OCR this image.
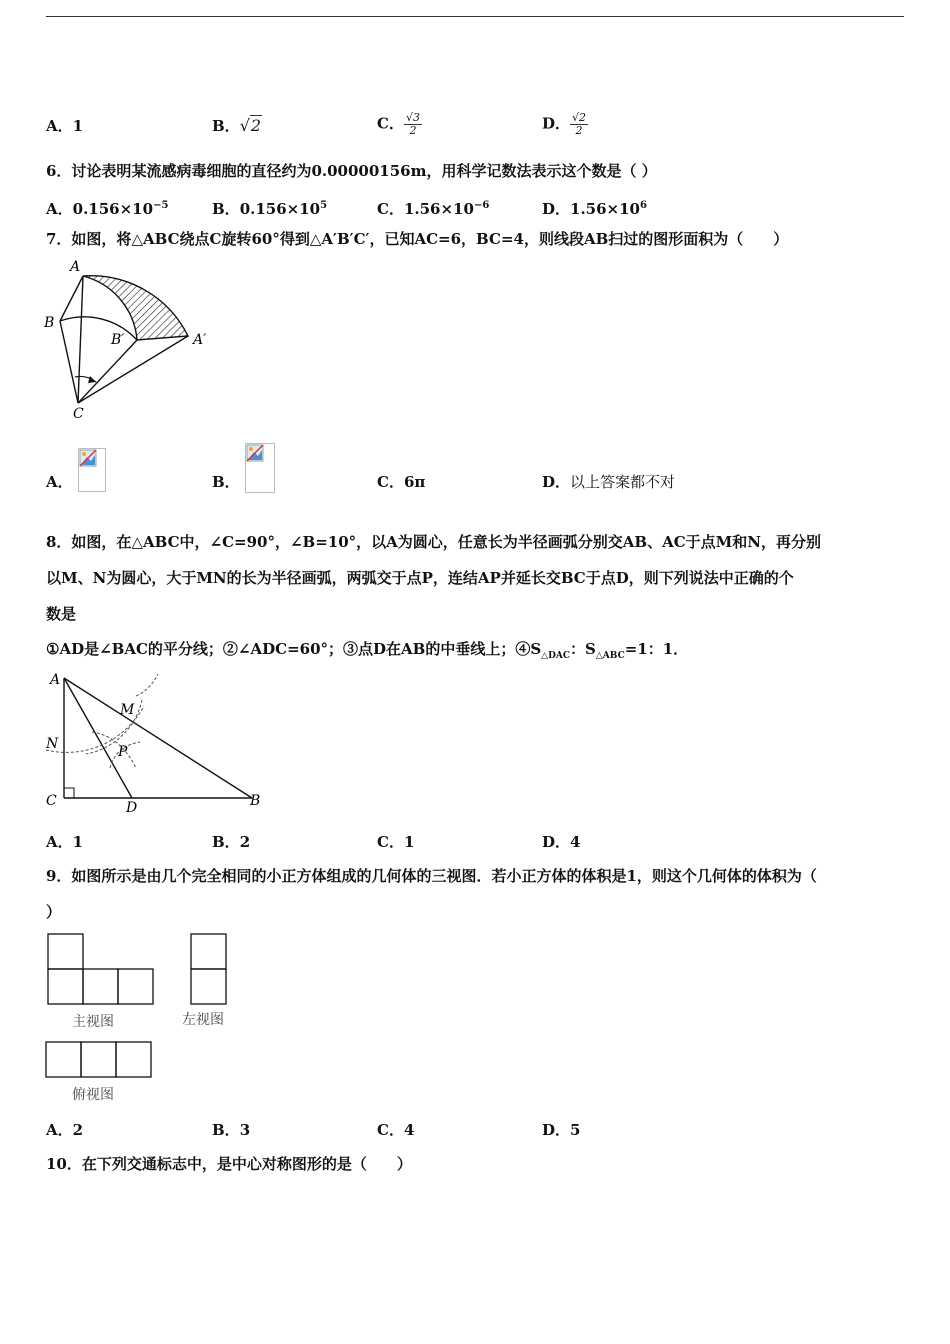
A．1	B．√2	C． $\frac{√3}{2}$	D． $\frac{√2}{2}$
6．讨论表明某流感病毒细胞的直径约为0.00000156m，用科学记数法表示这个数是（ ）
A．$0.156\times 10^{-5}$	B．$0.156\times 10^5$	C．$1.56\times 10^{-6}$	D．$1.56\times 10^6$
7．如图，将△ABC绕点C旋转60°得到△A′B′C′，已知AC=6，BC=4，则线段AB扫过的图形面积为（　　）
A
B
B′	A′
C
A．	B．	C．6π	D．以上答案都不对
8．如图，在△ABC中，∠C=90°，∠B=10°，以A为圆心，任意长为半径画弧分别交AB、AC于点M和N，再分别
以M、N为圆心，大于MN的长为半径画弧，两弧交于点P，连结AP并延长交BC于点D，则下列说法中正确的个
数是
①AD是∠BAC的平分线；②∠ADC=60°；③点D在AB的中垂线上；$④S_{\triangle DAC}$：$S_{\triangle ABC}=1$：1．
A
M
N	P
C	D	B
A．1	B．2	C．1	D．4
9．如图所示是由几个完全相同的小正方体组成的几何体的三视图．若小正方体的体积是1，则这个几何体的体积为（
）
主视图	左视图
俯视图
A．2	B．3	C．4	D．5
10．在下列交通标志中，是中心对称图形的是（　　）
